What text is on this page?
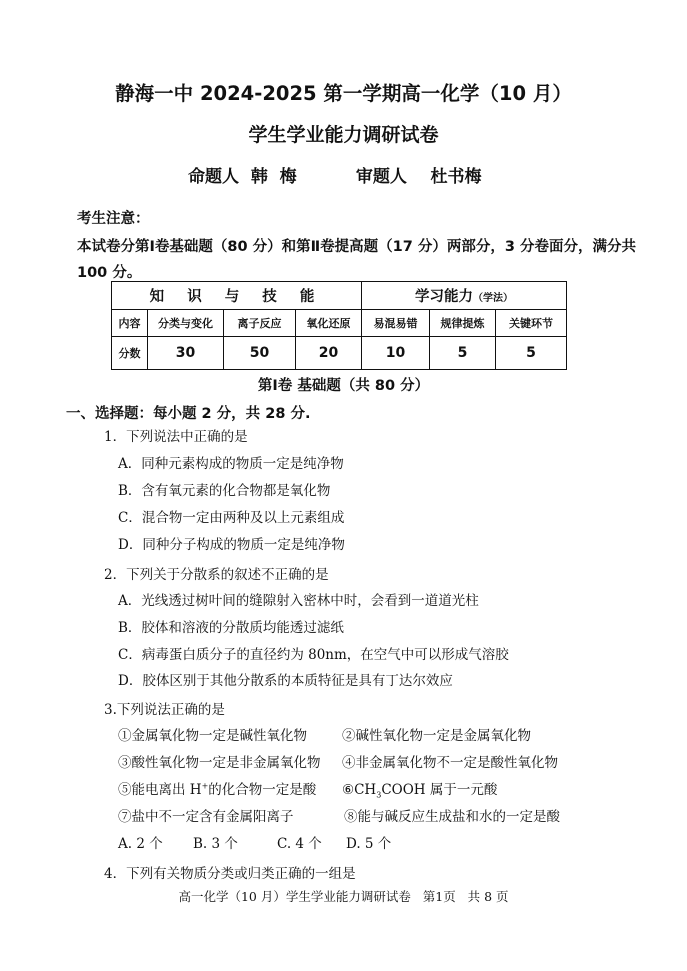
静海一中 2024-2025 第一学期高一化学（10 月）
学生学业能力调研试卷
命题人  韩  梅          审题人    杜书梅
考生注意：
本试卷分第Ⅰ卷基础题（80 分）和第Ⅱ卷提高题（17 分）两部分，3 分卷面分，满分共 100 分。
知 识 与 技 能				学习能力（学法）		
内容	分类与变化	离子反应	氧化还原	易混易错	规律提炼	关键环节
分数	30	50	20	10	5	5
第Ⅰ卷 基础题（共 80 分）
一、选择题：每小题 2 分，共 28 分.
1．下列说法中正确的是
A．同种元素构成的物质一定是纯净物
B．含有氧元素的化合物都是氧化物
C．混合物一定由两种及以上元素组成
D．同种分子构成的物质一定是纯净物
2．下列关于分散系的叙述不正确的是
A．光线透过树叶间的缝隙射入密林中时，会看到一道道光柱
B．胶体和溶液的分散质均能透过滤纸
C．病毒蛋白质分子的直径约为 80nm，在空气中可以形成气溶胶
D．胶体区别于其他分散系的本质特征是具有丁达尔效应
3.下列说法正确的是
①金属氧化物一定是碱性氧化物	②碱性氧化物一定是金属氧化物
③酸性氧化物一定是非金属氧化物 ④非金属氧化物不一定是酸性氧化物
⑤能电离出 H+的化合物一定是酸 $⑥CH_3COOH$ 属于一元酸
⑦盐中不一定含有金属阳离子	⑧能与碱反应生成盐和水的一定是酸
A. 2 个 B. 3 个	C. 4 个 D. 5 个
4．下列有关物质分类或归类正确的一组是
高一化学（10 月）学生学业能力调研试卷   第1页   共 8 页
